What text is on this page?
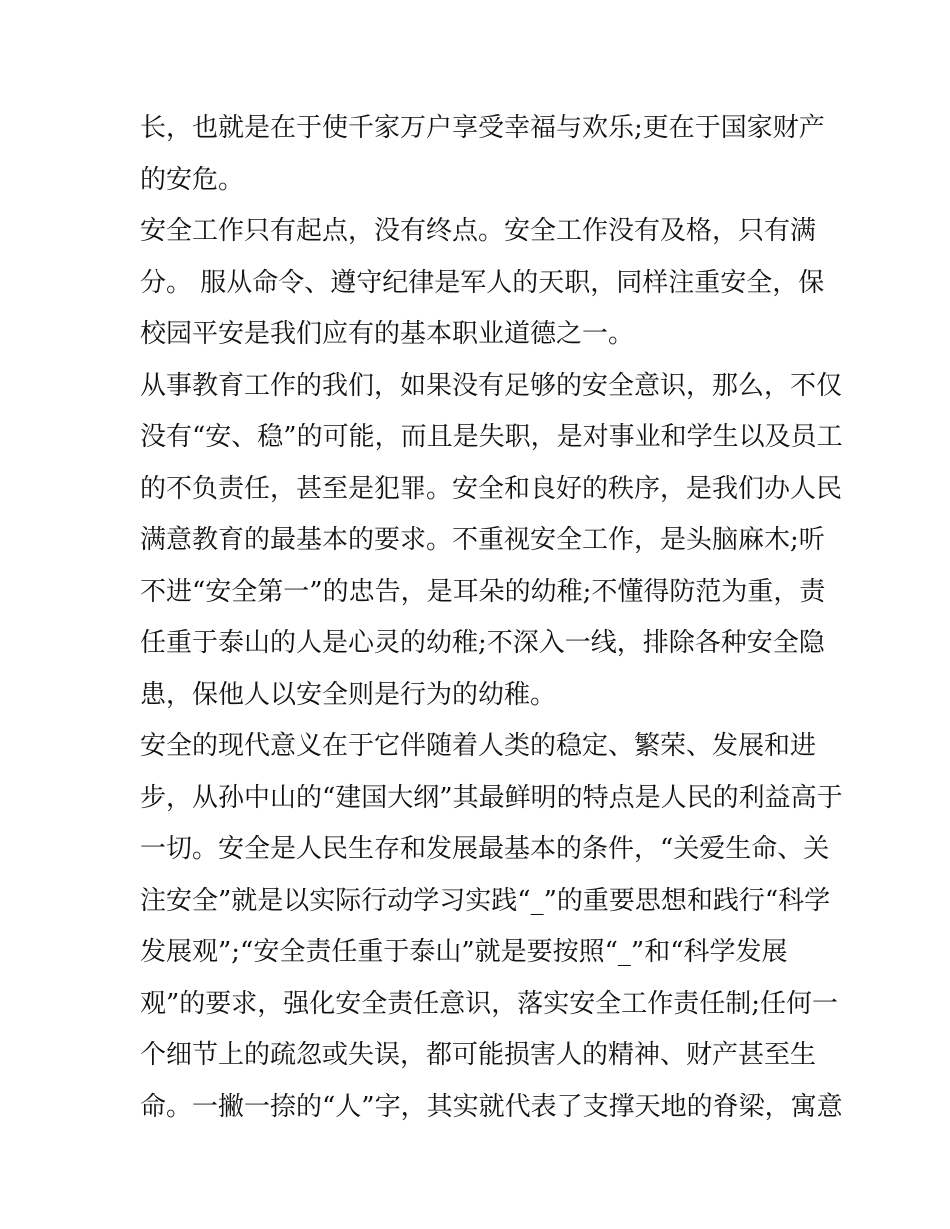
长，也就是在于使千家万户享受幸福与欢乐;更在于国家财产
的安危。
安全工作只有起点，没有终点。安全工作没有及格，只有满
分。 服从命令、遵守纪律是军人的天职，同样注重安全，保
校园平安是我们应有的基本职业道德之一。
从事教育工作的我们，如果没有足够的安全意识，那么，不仅
没有“安、稳”的可能，而且是失职，是对事业和学生以及员工
的不负责任，甚至是犯罪。安全和良好的秩序，是我们办人民
满意教育的最基本的要求。不重视安全工作，是头脑麻木;听
不进“安全第一”的忠告，是耳朵的幼稚;不懂得防范为重，责
任重于泰山的人是心灵的幼稚;不深入一线，排除各种安全隐
患，保他人以安全则是行为的幼稚。
安全的现代意义在于它伴随着人类的稳定、繁荣、发展和进
步，从孙中山的“建国大纲”其最鲜明的特点是人民的利益高于
一切。安全是人民生存和发展最基本的条件，“关爱生命、关
注安全”就是以实际行动学习实践“_”的重要思想和践行“科学
发展观”;“安全责任重于泰山”就是要按照“_”和“科学发展
观”的要求，强化安全责任意识，落实安全工作责任制;任何一
个细节上的疏忽或失误，都可能损害人的精神、财产甚至生
命。一撇一捺的“人”字，其实就代表了支撑天地的脊梁，寓意
